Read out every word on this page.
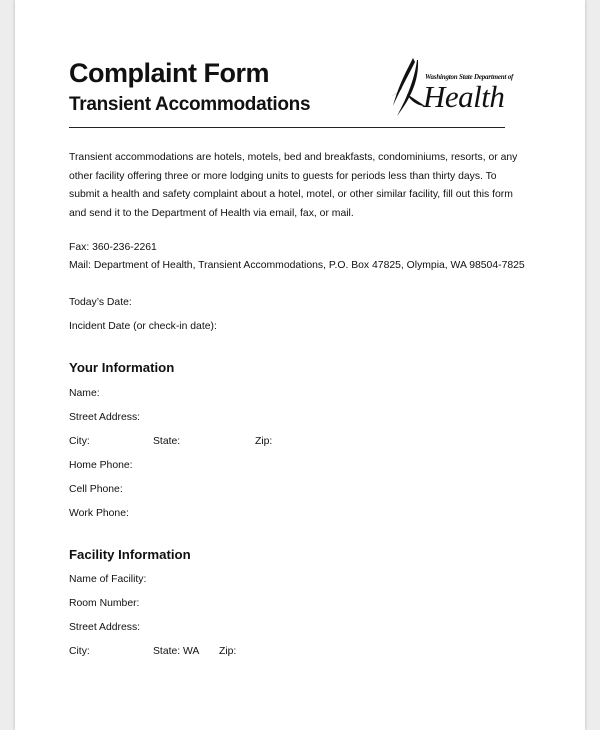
Complaint Form
Transient Accommodations
Washington State Department of
Health
Transient accommodations are hotels, motels, bed and breakfasts, condominiums, resorts, or any other facility offering three or more lodging units to guests for periods less than thirty days. To submit a health and safety complaint about a hotel, motel, or other similar facility, fill out this form and send it to the Department of Health via email, fax, or mail.
Fax: 360-236-2261
Mail: Department of Health, Transient Accommodations, P.O. Box 47825, Olympia, WA 98504-7825
Today’s Date:
Incident Date (or check-in date):
Your Information
Name:
Street Address:
City:	State:	Zip:
Home Phone:
Cell Phone:
Work Phone:
Facility Information
Name of Facility:
Room Number:
Street Address:
City:	State: WA Zip:
